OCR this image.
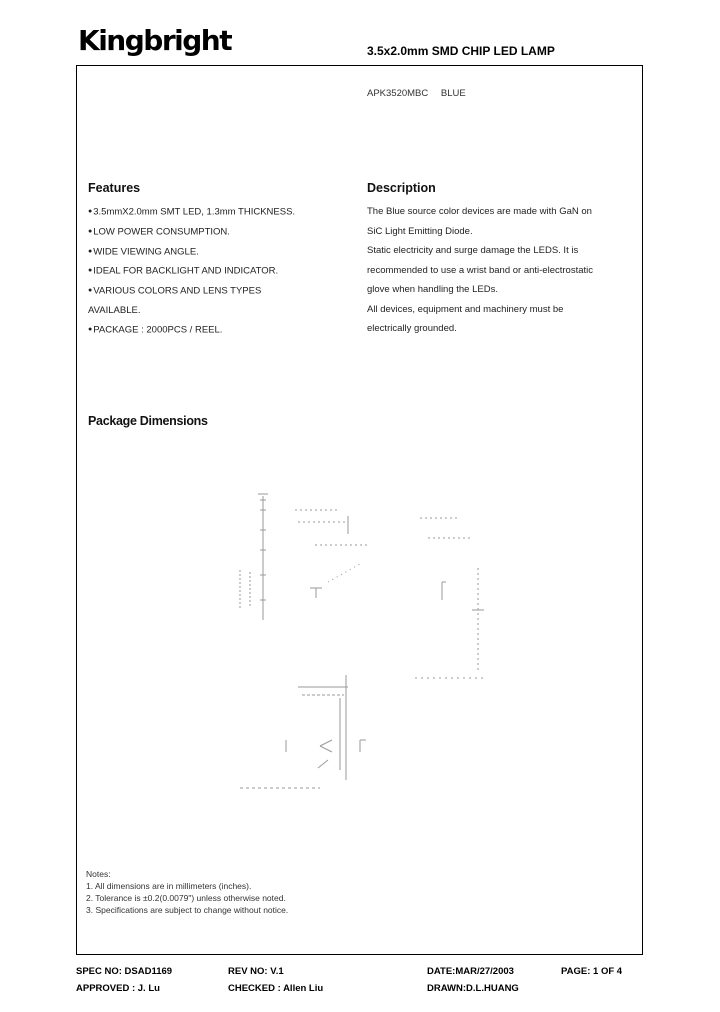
Kingbright	3.5x2.0mm SMD CHIP LED LAMP
APK3520MBC BLUE
Features
●3.5mmX2.0mm SMT LED, 1.3mm THICKNESS.
●LOW POWER CONSUMPTION.
●WIDE VIEWING ANGLE.
●IDEAL FOR BACKLIGHT AND INDICATOR.
●VARIOUS COLORS AND LENS TYPES
AVAILABLE.
●PACKAGE : 2000PCS / REEL.
Description
The Blue source color devices are made with GaN on
SiC Light Emitting Diode.
Static electricity and surge damage the LEDS. It is
recommended to use a wrist band or anti-electrostatic
glove when handling the LEDs.
All devices, equipment and machinery must be
electrically grounded.
Package Dimensions
Notes:
1. All dimensions are in millimeters (inches).
2. Tolerance is ±0.2(0.0079") unless otherwise noted.
3. Specifications are subject to change without notice.
SPEC NO: DSAD1169	REV NO: V.1	DATE:MAR/27/2003	PAGE: 1 OF 4
APPROVED : J. Lu	CHECKED : Allen Liu	DRAWN:D.L.HUANG
